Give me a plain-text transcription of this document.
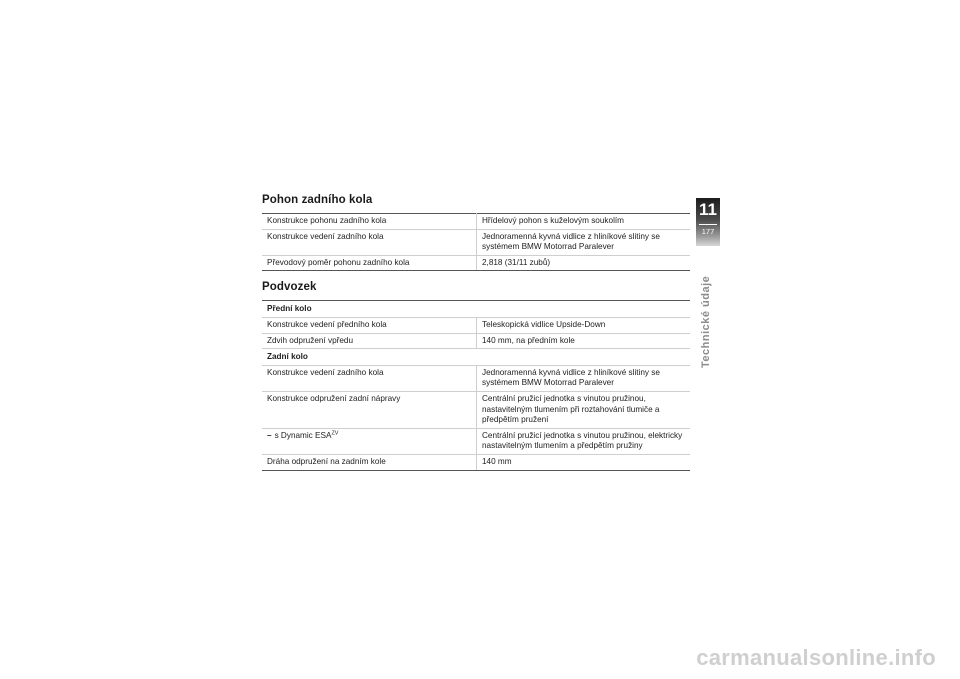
Pohon zadního kola
Konstrukce pohonu zadního kola	Hřídelový pohon s kuželovým soukolím
Konstrukce vedení zadního kola	Jednoramenná kyvná vidlice z hliníkové slitiny se systémem BMW Motorrad Paralever
Převodový poměr pohonu zadního kola	2,818 (31/11 zubů)
Podvozek
Přední kolo	
Konstrukce vedení předního kola	Teleskopická vidlice Upside-Down
Zdvih odpružení vpředu	140 mm, na předním kole
Zadní kolo	
Konstrukce vedení zadního kola	Jednoramenná kyvná vidlice z hliníkové slitiny se systémem BMW Motorrad Paralever
Konstrukce odpružení zadní nápravy	Centrální pružicí jednotka s vinutou pružinou, nastavitelným tlumením při roztahování tlumiče a předpětím pružení
– s Dynamic $ESA^{ZV}$	Centrální pružicí jednotka s vinutou pružinou, elektricky nastavitelným tlumením a předpětím pružiny
Dráha odpružení na zadním kole	140 mm
11
177
Technické údaje
carmanualsonline.info
